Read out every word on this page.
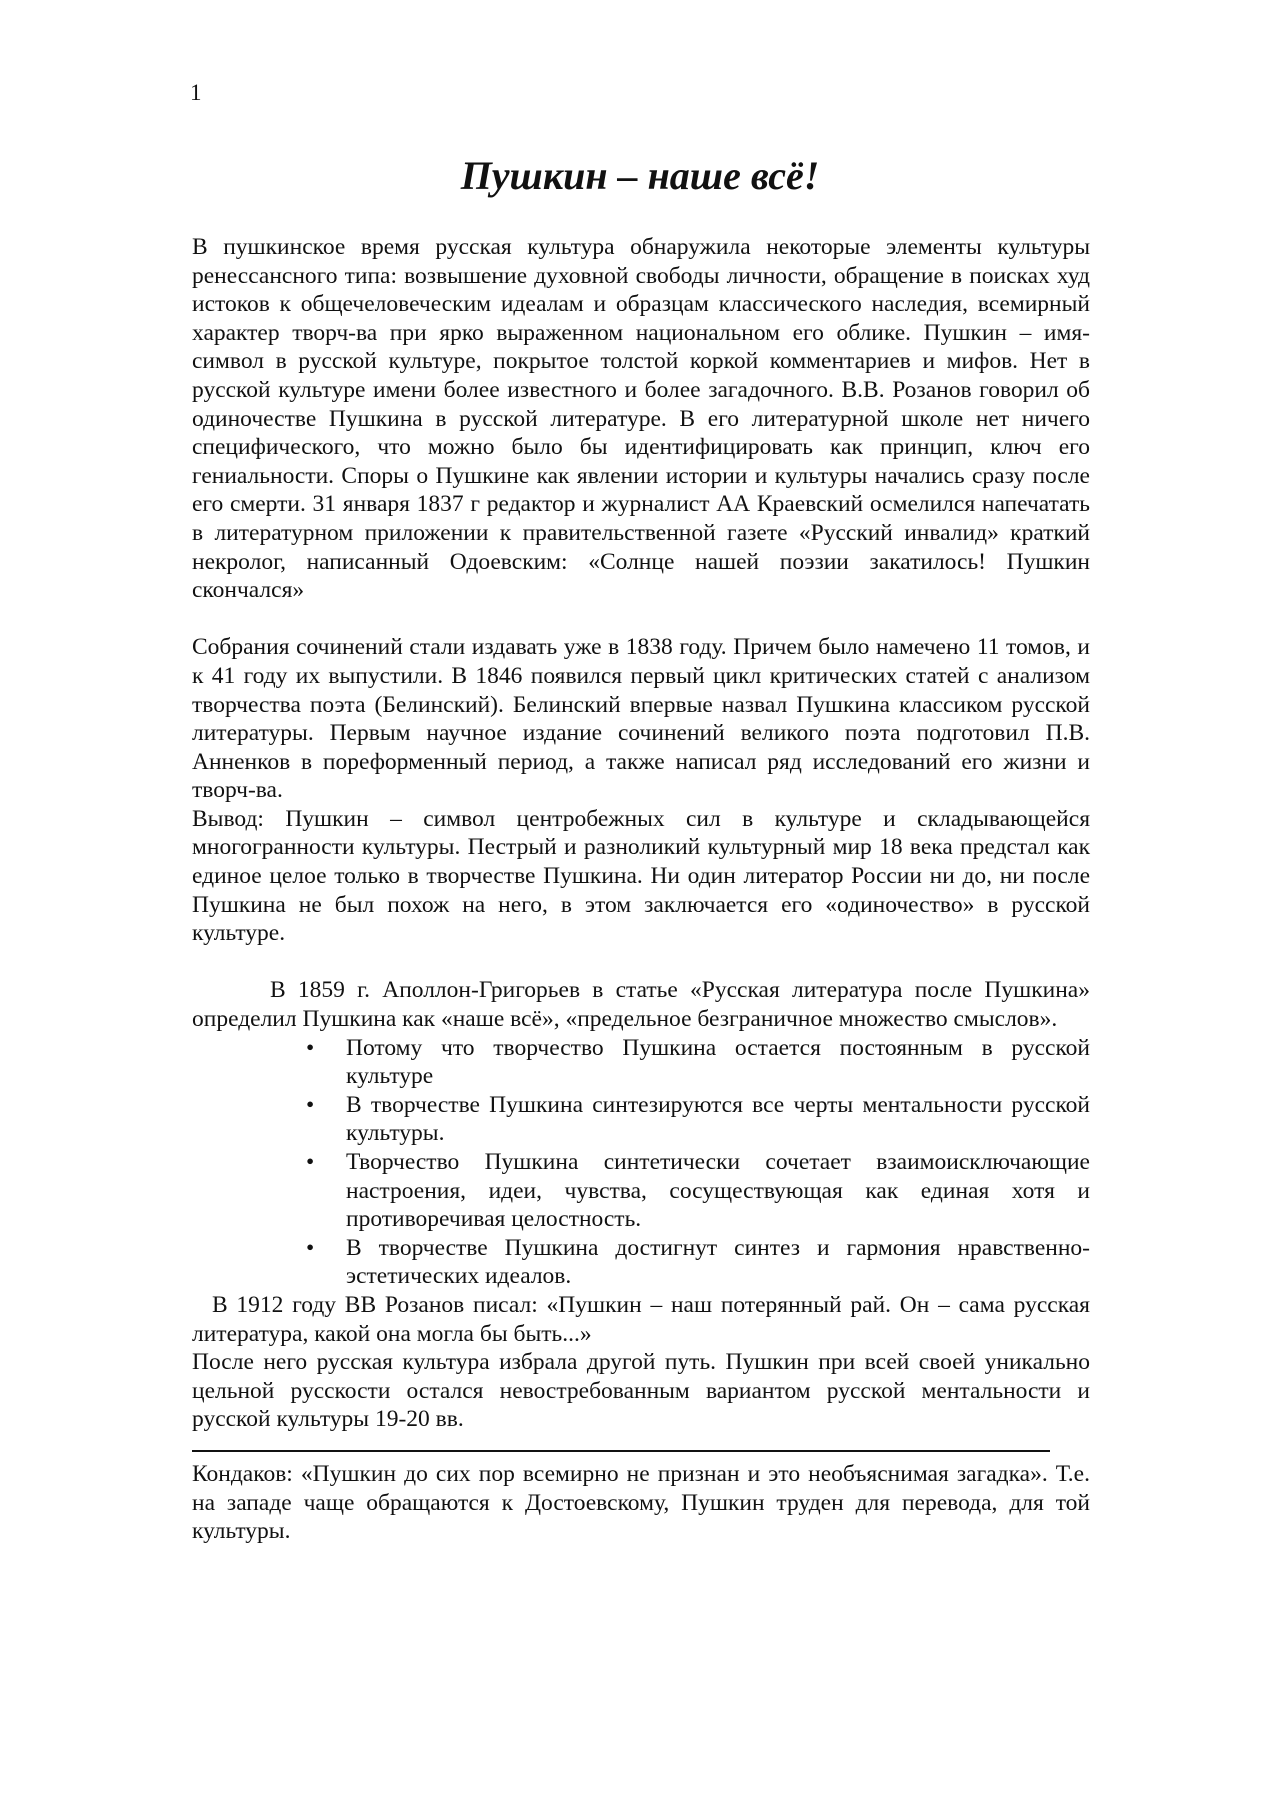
1
Пушкин – наше всё!

В пушкинское время русская культура обнаружила некоторые элементы культуры ренессансного типа: возвышение духовной свободы личности, обращение в поисках худ истоков к общечеловеческим идеалам и образцам классического наследия, всемирный характер творч-ва при ярко выраженном национальном его облике. Пушкин – имя-символ в русской культуре, покрытое толстой коркой комментариев и мифов. Нет в русской культуре имени более известного и более загадочного. В.В. Розанов говорил об одиночестве Пушкина в русской литературе. В его литературной школе нет ничего специфического, что можно было бы идентифицировать как принцип, ключ его гениальности. Споры о Пушкине как явлении истории и культуры начались сразу после его смерти. 31 января 1837 г редактор и журналист АА Краевский осмелился напечатать в литературном приложении к правительственной газете «Русский инвалид» краткий некролог, написанный Одоевским: «Солнце нашей поэзии закатилось! Пушкин скончался»

Собрания сочинений стали издавать уже в 1838 году. Причем было намечено 11 томов, и к 41 году их выпустили. В 1846 появился первый цикл критических статей с анализом творчества поэта (Белинский). Белинский впервые назвал Пушкина классиком русской литературы. Первым научное издание сочинений великого поэта подготовил П.В. Анненков в пореформенный период, а также написал ряд исследований его жизни и творч-ва.

Вывод: Пушкин – символ центробежных сил в культуре и складывающейся многогранности культуры. Пестрый и разноликий культурный мир 18 века предстал как единое целое только в творчестве Пушкина. Ни один литератор России ни до, ни после Пушкина не был похож на него, в этом заключается его «одиночество» в русской культуре.

В 1859 г. Аполлон-Григорьев в статье «Русская литература после Пушкина» определил Пушкина как «наше всё», «предельное безграничное множество смыслов».

• Потому что творчество Пушкина остается постоянным в русской культуре
• В творчестве Пушкина синтезируются все черты ментальности русской культуры.
• Творчество Пушкина синтетически сочетает взаимоисключающие настроения, идеи, чувства, сосуществующая как единая хотя и противоречивая целостность.
• В творчестве Пушкина достигнут синтез и гармония нравственно-эстетических идеалов.

В 1912 году ВВ Розанов писал: «Пушкин – наш потерянный рай. Он – сама русская литература, какой она могла бы быть...»

После него русская культура избрала другой путь. Пушкин при всей своей уникально цельной русскости остался невостребованным вариантом русской ментальности и русской культуры 19-20 вв.

Кондаков: «Пушкин до сих пор всемирно не признан и это необъяснимая загадка». Т.е. на западе чаще обращаются к Достоевскому, Пушкин труден для перевода, для той культуры.
